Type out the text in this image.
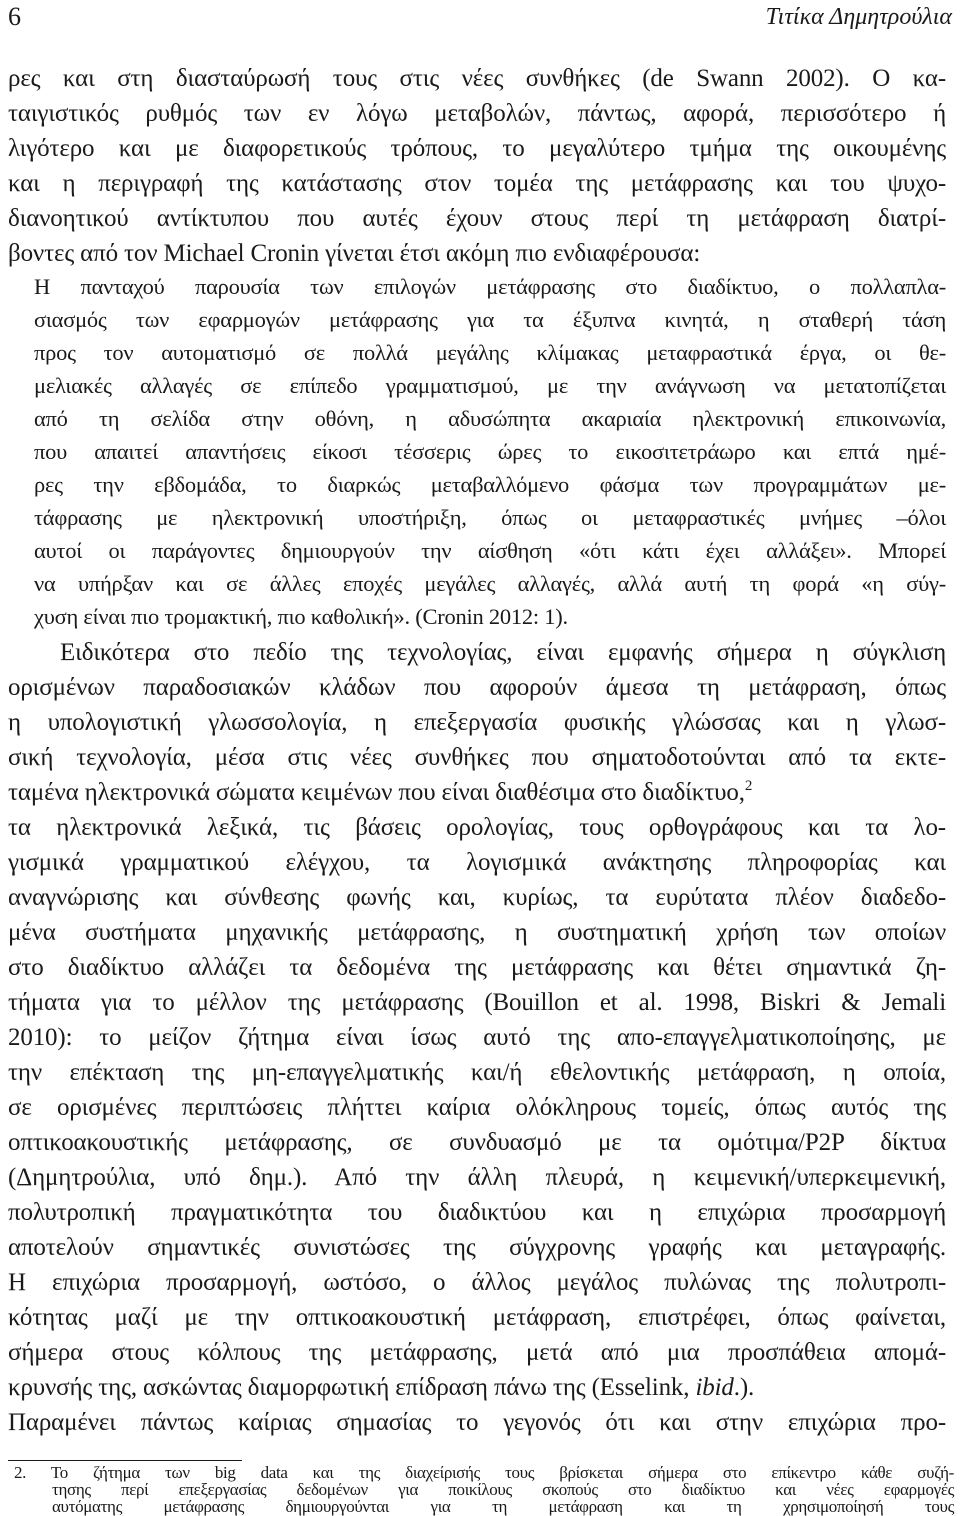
6	Τιτίκα Δημητρούλια
ρες και στη διασταύρωσή τους στις νέες συνθήκες (de Swann 2002). Ο κα-
ταιγιστικός ρυθμός των εν λόγω μεταβολών, πάντως, αφορά, περισσότερο ή
λιγότερο και με διαφορετικούς τρόπους, το μεγαλύτερο τμήμα της οικουμένης
και η περιγραφή της κατάστασης στον τομέα της μετάφρασης και του ψυχο-
διανοητικού αντίκτυπου που αυτές έχουν στους περί τη μετάφραση διατρί-
βοντες από τον Michael Cronin γίνεται έτσι ακόμη πιο ενδιαφέρουσα:
Η πανταχού παρουσία των επιλογών μετάφρασης στο διαδίκτυο, ο πολλαπλα-
σιασμός των εφαρμογών μετάφρασης για τα έξυπνα κινητά, η σταθερή τάση
προς τον αυτοματισμό σε πολλά μεγάλης κλίμακας μεταφραστικά έργα, οι θε-
μελιακές αλλαγές σε επίπεδο γραμματισμού, με την ανάγνωση να μετατοπίζεται
από τη σελίδα στην οθόνη, η αδυσώπητα ακαριαία ηλεκτρονική επικοινωνία,
που απαιτεί απαντήσεις είκοσι τέσσερις ώρες το εικοσιτετράωρο και επτά ημέ-
ρες την εβδομάδα, το διαρκώς μεταβαλλόμενο φάσμα των προγραμμάτων με-
τάφρασης με ηλεκτρονική υποστήριξη, όπως οι μεταφραστικές μνήμες –όλοι
αυτοί οι παράγοντες δημιουργούν την αίσθηση «ότι κάτι έχει αλλάξει». Μπορεί
να υπήρξαν και σε άλλες εποχές μεγάλες αλλαγές, αλλά αυτή τη φορά «η σύγ-
χυση είναι πιο τρομακτική, πιο καθολική». (Cronin 2012: 1).
Ειδικότερα στο πεδίο της τεχνολογίας, είναι εμφανής σήμερα η σύγκλιση
ορισμένων παραδοσιακών κλάδων που αφορούν άμεσα τη μετάφραση, όπως
η υπολογιστική γλωσσολογία, η επεξεργασία φυσικής γλώσσας και η γλωσ-
σική τεχνολογία, μέσα στις νέες συνθήκες που σηματοδοτούνται από τα εκτε-
ταμένα ηλεκτρονικά σώματα κειμένων που είναι διαθέσιμα στο διαδίκτυο,$^2$
τα ηλεκτρονικά λεξικά, τις βάσεις ορολογίας, τους ορθογράφους και τα λο-
γισμικά γραμματικού ελέγχου, τα λογισμικά ανάκτησης πληροφορίας και
αναγνώρισης και σύνθεσης φωνής και, κυρίως, τα ευρύτατα πλέον διαδεδο-
μένα συστήματα μηχανικής μετάφρασης, η συστηματική χρήση των οποίων
στο διαδίκτυο αλλάζει τα δεδομένα της μετάφρασης και θέτει σημαντικά ζη-
τήματα για το μέλλον της μετάφρασης (Bouillon et al. 1998, Biskri & Jemali
2010): το μείζον ζήτημα είναι ίσως αυτό της απο-επαγγελματικοποίησης, με
την επέκταση της μη-επαγγελματικής και/ή εθελοντικής μετάφραση, η οποία,
σε ορισμένες περιπτώσεις πλήττει καίρια ολόκληρους τομείς, όπως αυτός της
οπτικοακουστικής μετάφρασης, σε συνδυασμό με τα ομότιμα/P2P δίκτυα
(Δημητρούλια, υπό δημ.). Από την άλλη πλευρά, η κειμενική/υπερκειμενική,
πολυτροπική πραγματικότητα του διαδικτύου και η επιχώρια προσαρμογή
αποτελούν σημαντικές συνιστώσες της σύγχρονης γραφής και μεταγραφής.
Η επιχώρια προσαρμογή, ωστόσο, ο άλλος μεγάλος πυλώνας της πολυτροπι-
κότητας μαζί με την οπτικοακουστική μετάφραση, επιστρέφει, όπως φαίνεται,
σήμερα στους κόλπους της μετάφρασης, μετά από μια προσπάθεια απομά-
κρυνσής της, ασκώντας διαμορφωτική επίδραση πάνω της (Esselink, ibid.).
Παραμένει πάντως καίριας σημασίας το γεγονός ότι και στην επιχώρια προ-
2. Το ζήτημα των big data και της διαχείρισής τους βρίσκεται σήμερα στο επίκεντρο κάθε συζή-
τησης περί επεξεργασίας δεδομένων για ποικίλους σκοπούς στο διαδίκτυο και νέες εφαρμογές
αυτόματης μετάφρασης δημιουργούνται για τη μετάφραση και τη χρησιμοποίησή τους
